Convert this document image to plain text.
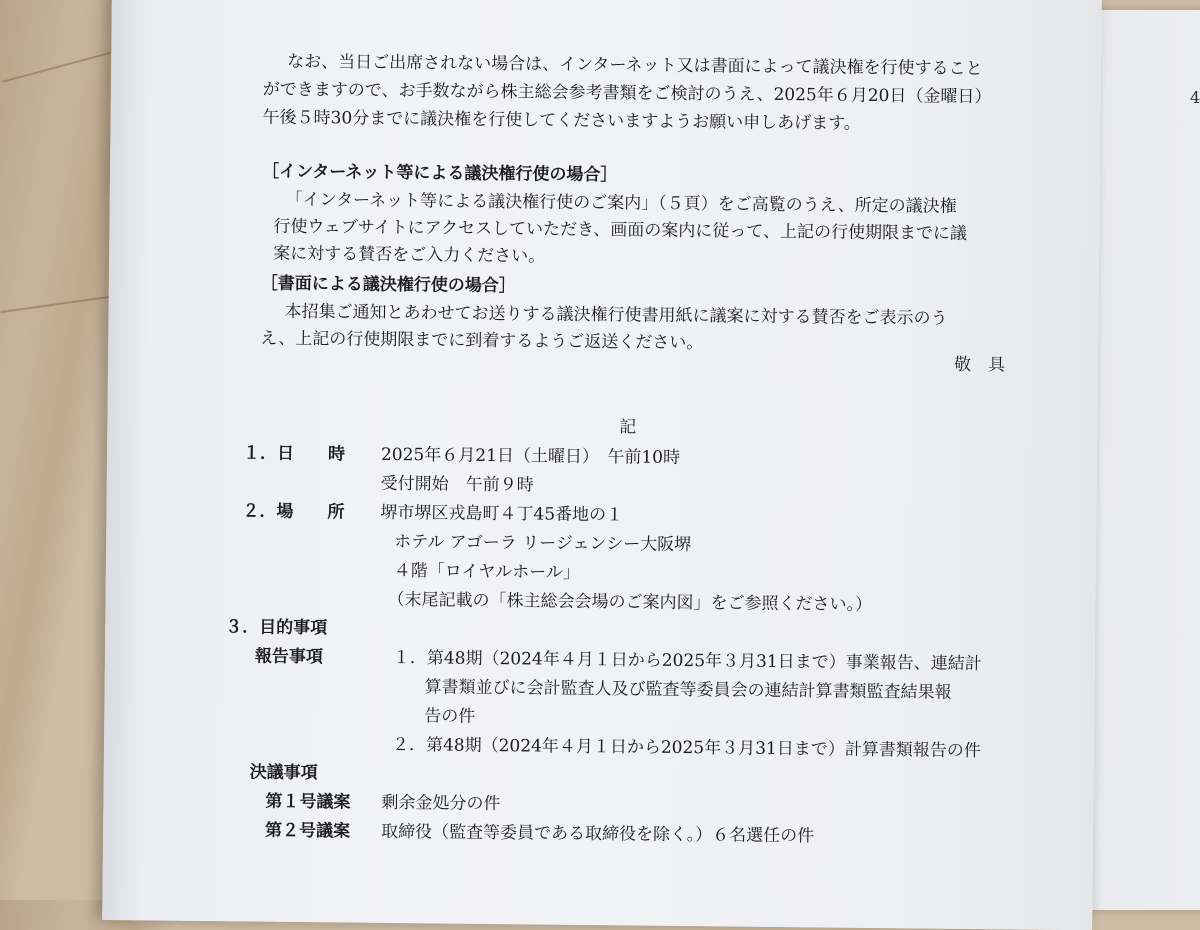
4
なお、当日ご出席されない場合は、インターネット又は書面によって議決権を行使すること
ができますので、お手数ながら株主総会参考書類をご検討のうえ、2025年６月20日（金曜日）
午後５時30分までに議決権を行使してくださいますようお願い申しあげます。
［インターネット等による議決権行使の場合］
「インターネット等による議決権行使のご案内」（５頁）をご高覧のうえ、所定の議決権
行使ウェブサイトにアクセスしていただき、画面の案内に従って、上記の行使期限までに議
案に対する賛否をご入力ください。
［書面による議決権行使の場合］
本招集ご通知とあわせてお送りする議決権行使書用紙に議案に対する賛否をご表示のう
え、上記の行使期限までに到着するようご返送ください。
敬　具
記
１．日　　時 2025年６月21日（土曜日）　午前10時
受付開始　午前９時
２．場　　所 堺市堺区戎島町４丁45番地の１
ホテル アゴーラ リージェンシー大阪堺
４階「ロイヤルホール」
（末尾記載の「株主総会会場のご案内図」をご参照ください。）
３．目的事項
報告事項	１．第48期（2024年４月１日から2025年３月31日まで）事業報告、連結計
算書類並びに会計監査人及び監査等委員会の連結計算書類監査結果報
告の件
２．第48期（2024年４月１日から2025年３月31日まで）計算書類報告の件
決議事項
第１号議案 剰余金処分の件
第２号議案 取締役（監査等委員である取締役を除く。）６名選任の件
